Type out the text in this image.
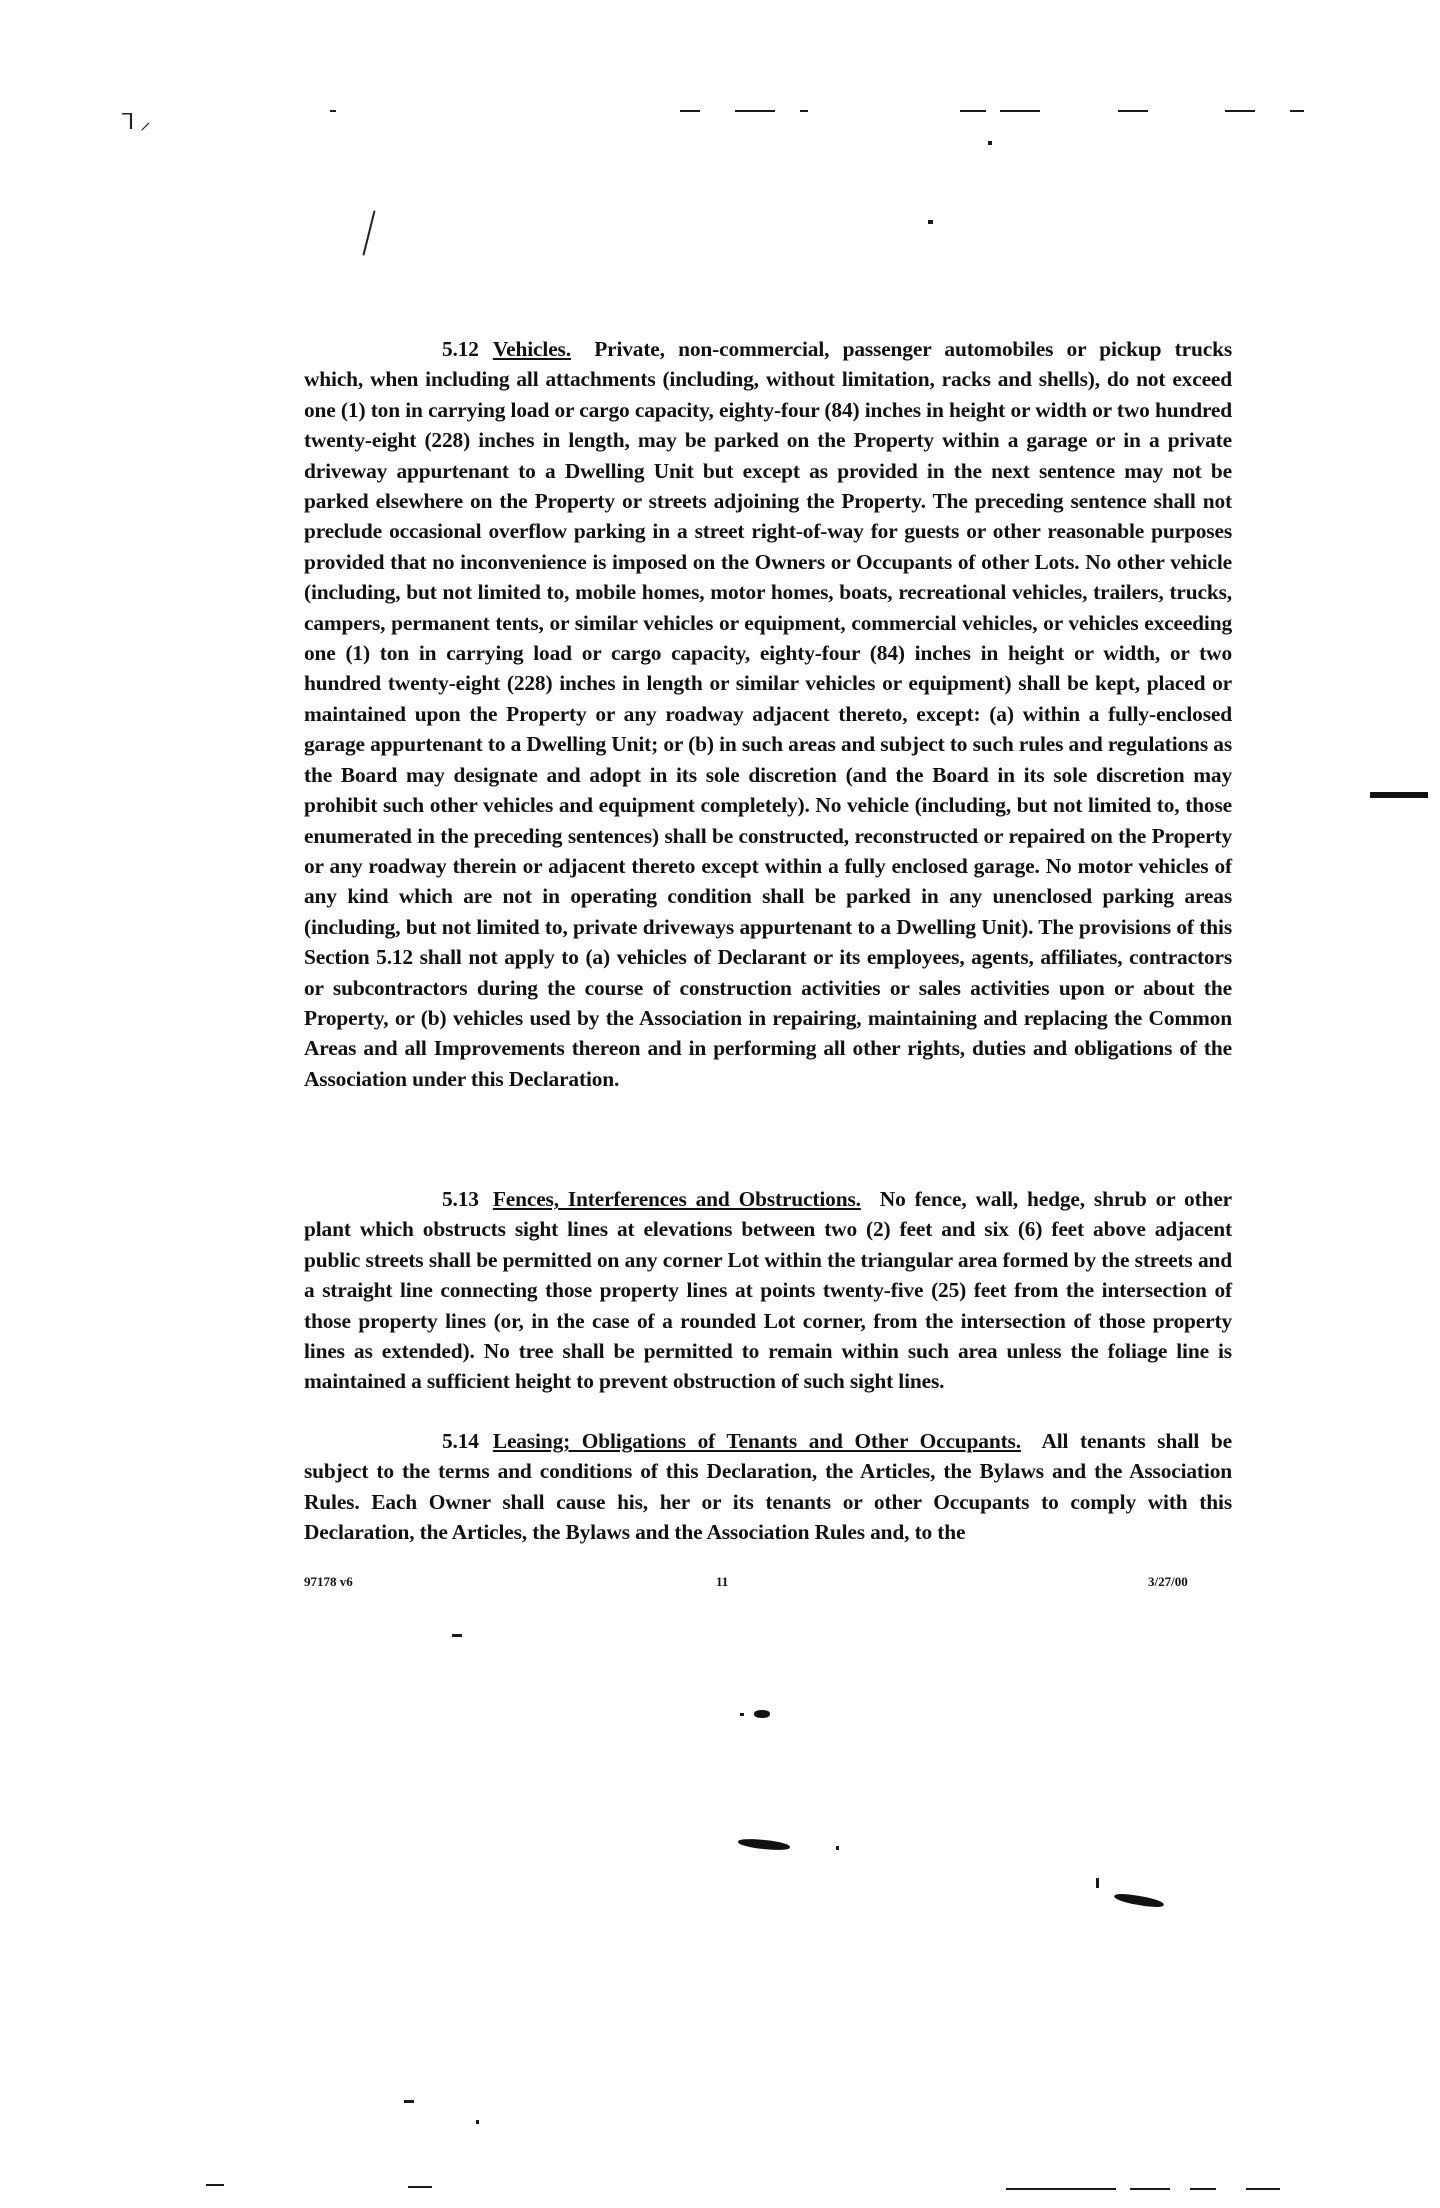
ꓶ ⸝

5.12 Vehicles. Private, non-commercial, passenger automobiles or pickup trucks which, when including all attachments (including, without limitation, racks and shells), do not exceed one (1) ton in carrying load or cargo capacity, eighty-four (84) inches in height or width or two hundred twenty-eight (228) inches in length, may be parked on the Property within a garage or in a private driveway appurtenant to a Dwelling Unit but except as provided in the next sentence may not be parked elsewhere on the Property or streets adjoining the Property. The preceding sentence shall not preclude occasional overflow parking in a street right-of-way for guests or other reasonable purposes provided that no inconvenience is imposed on the Owners or Occupants of other Lots. No other vehicle (including, but not limited to, mobile homes, motor homes, boats, recreational vehicles, trailers, trucks, campers, permanent tents, or similar vehicles or equipment, commercial vehicles, or vehicles exceeding one (1) ton in carrying load or cargo capacity, eighty-four (84) inches in height or width, or two hundred twenty-eight (228) inches in length or similar vehicles or equipment) shall be kept, placed or maintained upon the Property or any roadway adjacent thereto, except: (a) within a fully-enclosed garage appurtenant to a Dwelling Unit; or (b) in such areas and subject to such rules and regulations as the Board may designate and adopt in its sole discretion (and the Board in its sole discretion may prohibit such other vehicles and equipment completely). No vehicle (including, but not limited to, those enumerated in the preceding sentences) shall be constructed, reconstructed or repaired on the Property or any roadway therein or adjacent thereto except within a fully enclosed garage. No motor vehicles of any kind which are not in operating condition shall be parked in any unenclosed parking areas (including, but not limited to, private driveways appurtenant to a Dwelling Unit). The provisions of this Section 5.12 shall not apply to (a) vehicles of Declarant or its employees, agents, affiliates, contractors or subcontractors during the course of construction activities or sales activities upon or about the Property, or (b) vehicles used by the Association in repairing, maintaining and replacing the Common Areas and all Improvements thereon and in performing all other rights, duties and obligations of the Association under this Declaration.

5.13 Fences, Interferences and Obstructions. No fence, wall, hedge, shrub or other plant which obstructs sight lines at elevations between two (2) feet and six (6) feet above adjacent public streets shall be permitted on any corner Lot within the triangular area formed by the streets and a straight line connecting those property lines at points twenty-five (25) feet from the intersection of those property lines (or, in the case of a rounded Lot corner, from the intersection of those property lines as extended). No tree shall be permitted to remain within such area unless the foliage line is maintained a sufficient height to prevent obstruction of such sight lines.

5.14 Leasing; Obligations of Tenants and Other Occupants. All tenants shall be subject to the terms and conditions of this Declaration, the Articles, the Bylaws and the Association Rules. Each Owner shall cause his, her or its tenants or other Occupants to comply with this Declaration, the Articles, the Bylaws and the Association Rules and, to the

97178 v6	11	3/27/00
